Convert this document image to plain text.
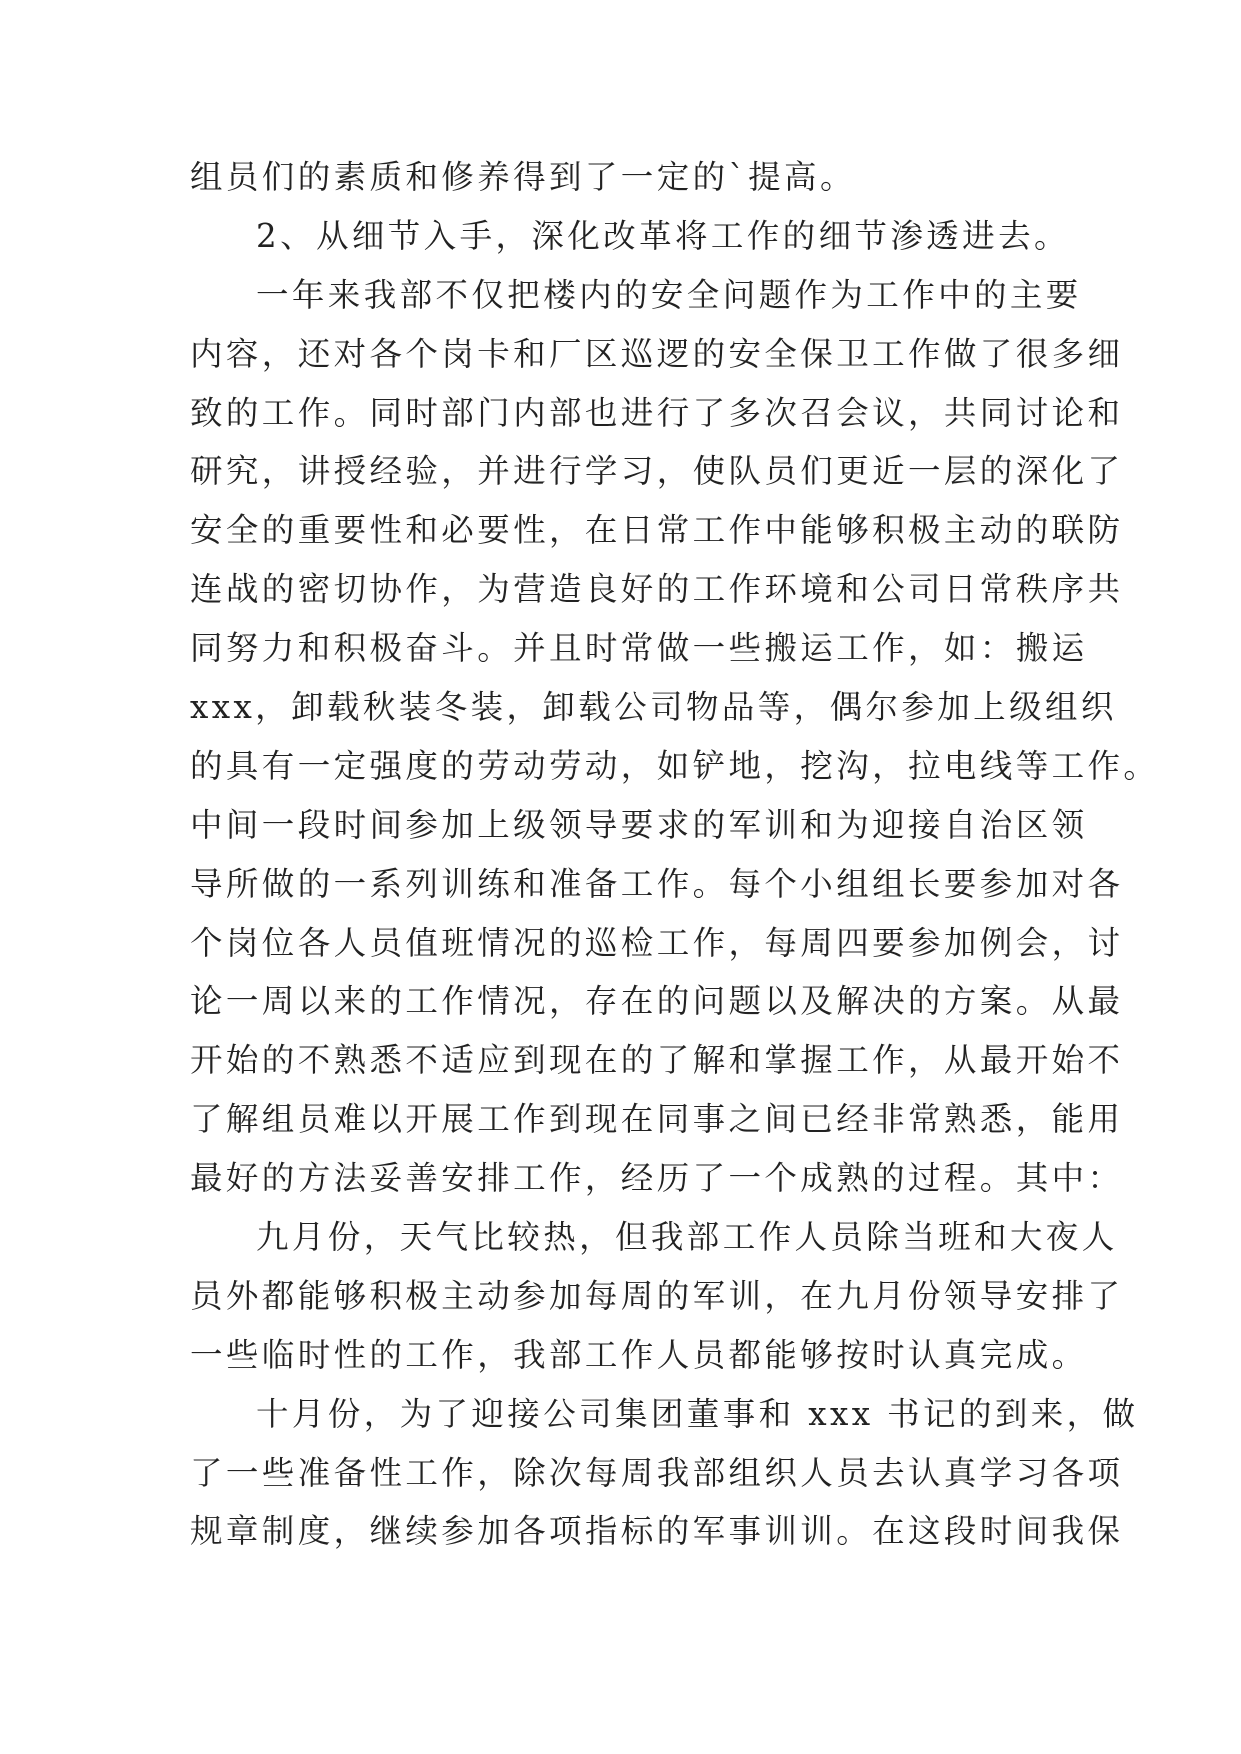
组员们的素质和修养得到了一定的`提高。
2、从细节入手，深化改革将工作的细节渗透进去。
一年来我部不仅把楼内的安全问题作为工作中的主要
内容，还对各个岗卡和厂区巡逻的安全保卫工作做了很多细
致的工作。同时部门内部也进行了多次召会议，共同讨论和
研究，讲授经验，并进行学习，使队员们更近一层的深化了
安全的重要性和必要性，在日常工作中能够积极主动的联防
连战的密切协作，为营造良好的工作环境和公司日常秩序共
同努力和积极奋斗。并且时常做一些搬运工作，如：搬运
xxx，卸载秋装冬装，卸载公司物品等，偶尔参加上级组织
的具有一定强度的劳动劳动，如铲地，挖沟，拉电线等工作。
中间一段时间参加上级领导要求的军训和为迎接自治区领
导所做的一系列训练和准备工作。每个小组组长要参加对各
个岗位各人员值班情况的巡检工作，每周四要参加例会，讨
论一周以来的工作情况，存在的问题以及解决的方案。从最
开始的不熟悉不适应到现在的了解和掌握工作，从最开始不
了解组员难以开展工作到现在同事之间已经非常熟悉，能用
最好的方法妥善安排工作，经历了一个成熟的过程。其中：
九月份，天气比较热，但我部工作人员除当班和大夜人
员外都能够积极主动参加每周的军训，在九月份领导安排了
一些临时性的工作，我部工作人员都能够按时认真完成。
十月份，为了迎接公司集团董事和 xxx 书记的到来，做
了一些准备性工作，除次每周我部组织人员去认真学习各项
规章制度，继续参加各项指标的军事训训。在这段时间我保
